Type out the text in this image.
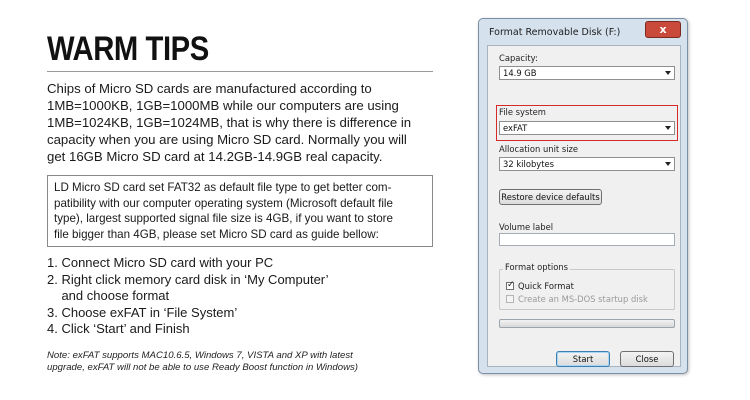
WARM TIPS
Chips of Micro SD cards are manufactured according to
1MB=1000KB, 1GB=1000MB while our computers are using
1MB=1024KB, 1GB=1024MB, that is why there is difference in
capacity when you are using Micro SD card. Normally you will
get 16GB Micro SD card at 14.2GB-14.9GB real capacity.
LD Micro SD card set FAT32 as default file type to get better com-
patibility with our computer operating system (Microsoft default file
type), largest supported signal file size is 4GB, if you want to store
file bigger than 4GB, please set Micro SD card as guide bellow:
1. Connect Micro SD card with your PC
2. Right click memory card disk in ‘My Computer’
and choose format
3. Choose exFAT in ‘File System’
4. Click ‘Start’ and Finish
Note: exFAT supports MAC10.6.5, Windows 7, VISTA and XP with latest
upgrade, exFAT will not be able to use Ready Boost function in Windows)
Format Removable Disk (F:)	x
Capacity:
14.9 GB
File system
exFAT
Allocation unit size
32 kilobytes
Restore device defaults
Volume label
Format options
✓ Quick Format
Create an MS-DOS startup disk
Start	Close
